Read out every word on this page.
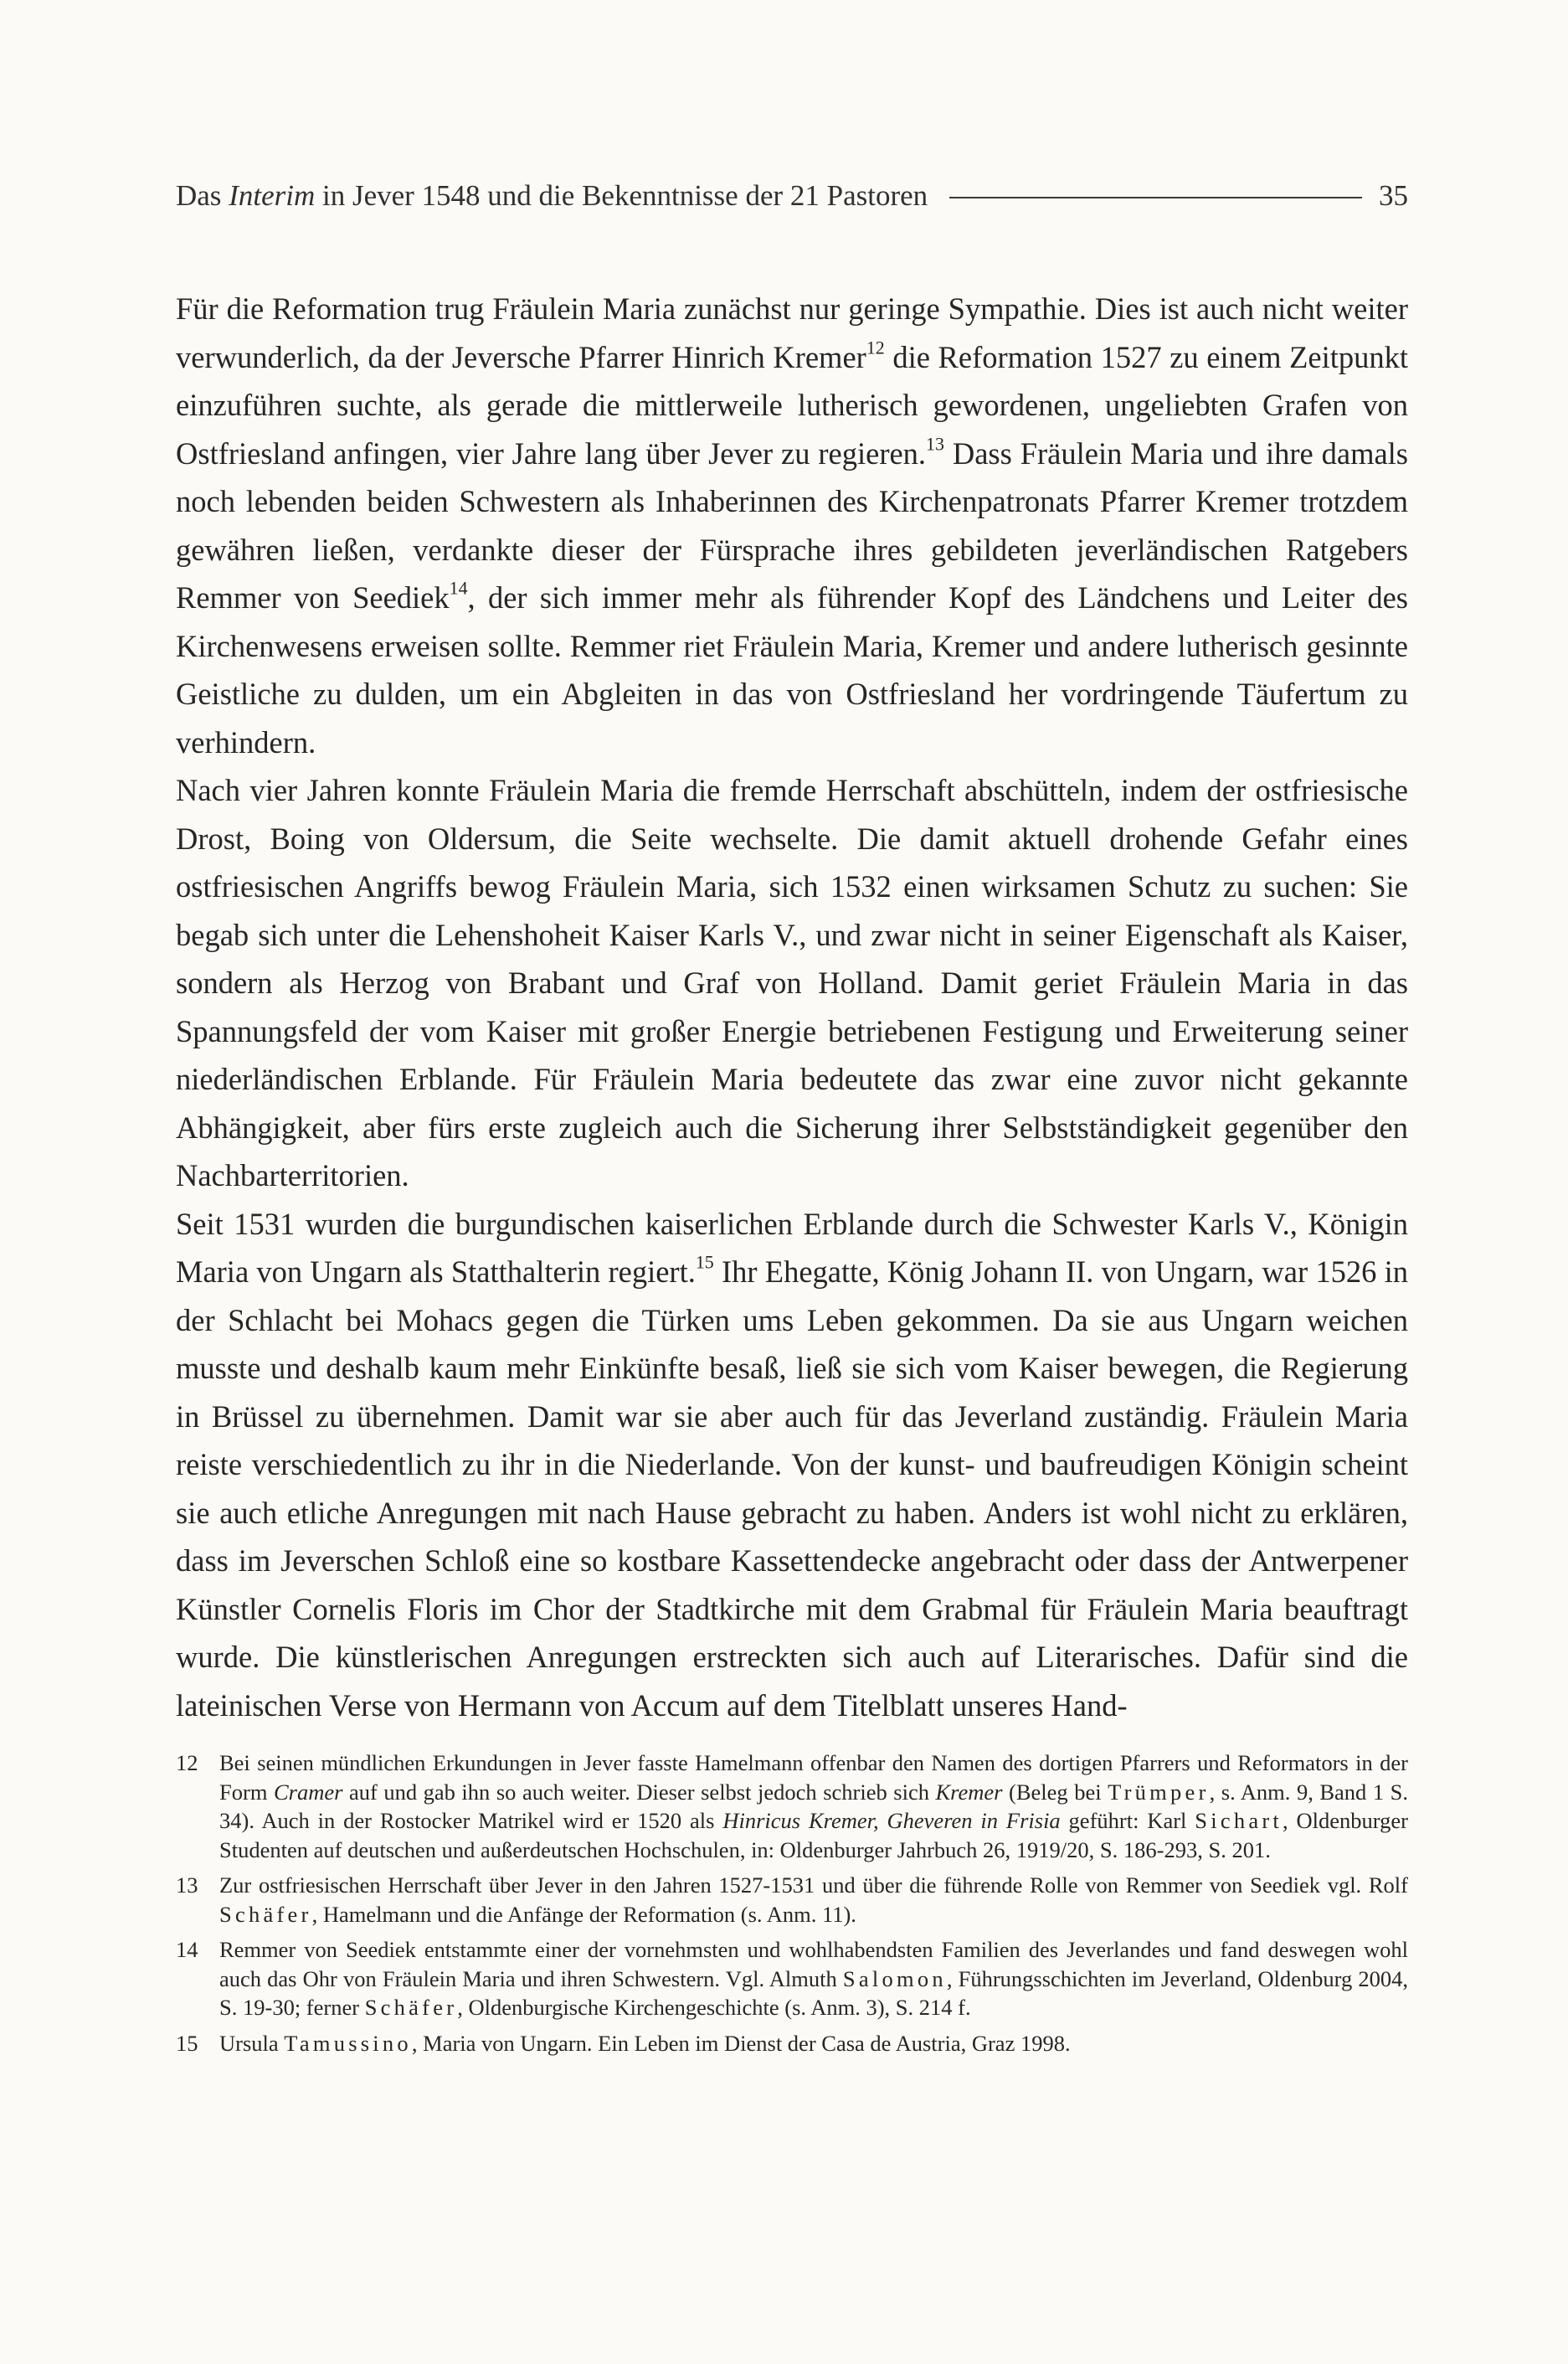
Das Interim in Jever 1548 und die Bekenntnisse der 21 Pastoren	35

Für die Reformation trug Fräulein Maria zunächst nur geringe Sympathie. Dies ist auch nicht weiter verwunderlich, da der Jeversche Pfarrer Hinrich Kremer$^{12}$ die Reformation 1527 zu einem Zeitpunkt einzuführen suchte, als gerade die mittlerweile lutherisch gewordenen, ungeliebten Grafen von Ostfriesland anfingen, vier Jahre lang über Jever zu regieren.$^{13}$ Dass Fräulein Maria und ihre damals noch lebenden beiden Schwestern als Inhaberinnen des Kirchenpatronats Pfarrer Kremer trotzdem gewähren ließen, verdankte dieser der Fürsprache ihres gebildeten jeverländischen Ratgebers Remmer von Seediek$^{14}$, der sich immer mehr als führender Kopf des Ländchens und Leiter des Kirchenwesens erweisen sollte. Remmer riet Fräulein Maria, Kremer und andere lutherisch gesinnte Geistliche zu dulden, um ein Abgleiten in das von Ostfriesland her vordringende Täufertum zu verhindern.

Nach vier Jahren konnte Fräulein Maria die fremde Herrschaft abschütteln, indem der ostfriesische Drost, Boing von Oldersum, die Seite wechselte. Die damit aktuell drohende Gefahr eines ostfriesischen Angriffs bewog Fräulein Maria, sich 1532 einen wirksamen Schutz zu suchen: Sie begab sich unter die Lehenshoheit Kaiser Karls V., und zwar nicht in seiner Eigenschaft als Kaiser, sondern als Herzog von Brabant und Graf von Holland. Damit geriet Fräulein Maria in das Spannungsfeld der vom Kaiser mit großer Energie betriebenen Festigung und Erweiterung seiner niederländischen Erblande. Für Fräulein Maria bedeutete das zwar eine zuvor nicht gekannte Abhängigkeit, aber fürs erste zugleich auch die Sicherung ihrer Selbstständigkeit gegenüber den Nachbarterritorien.

Seit 1531 wurden die burgundischen kaiserlichen Erblande durch die Schwester Karls V., Königin Maria von Ungarn als Statthalterin regiert.$^{15}$ Ihr Ehegatte, König Johann II. von Ungarn, war 1526 in der Schlacht bei Mohacs gegen die Türken ums Leben gekommen. Da sie aus Ungarn weichen musste und deshalb kaum mehr Einkünfte besaß, ließ sie sich vom Kaiser bewegen, die Regierung in Brüssel zu übernehmen. Damit war sie aber auch für das Jeverland zuständig. Fräulein Maria reiste verschiedentlich zu ihr in die Niederlande. Von der kunst- und baufreudigen Königin scheint sie auch etliche Anregungen mit nach Hause gebracht zu haben. Anders ist wohl nicht zu erklären, dass im Jeverschen Schloß eine so kostbare Kassettendecke angebracht oder dass der Antwerpener Künstler Cornelis Floris im Chor der Stadtkirche mit dem Grabmal für Fräulein Maria beauftragt wurde. Die künstlerischen Anregungen erstreckten sich auch auf Literarisches. Dafür sind die lateinischen Verse von Hermann von Accum auf dem Titelblatt unseres Hand-

12 Bei seinen mündlichen Erkundungen in Jever fasste Hamelmann offenbar den Namen des dortigen Pfarrers und Reformators in der Form Cramer auf und gab ihn so auch weiter. Dieser selbst jedoch schrieb sich Kremer (Beleg bei Trümper, s. Anm. 9, Band 1 S. 34). Auch in der Rostocker Matrikel wird er 1520 als Hinricus Kremer, Gheveren in Frisia geführt: Karl Sichart, Oldenburger Studenten auf deutschen und außerdeutschen Hochschulen, in: Oldenburger Jahrbuch 26, 1919/20, S. 186-293, S. 201.
13 Zur ostfriesischen Herrschaft über Jever in den Jahren 1527-1531 und über die führende Rolle von Remmer von Seediek vgl. Rolf Schäfer, Hamelmann und die Anfänge der Reformation (s. Anm. 11).
14 Remmer von Seediek entstammte einer der vornehmsten und wohlhabendsten Familien des Jeverlandes und fand deswegen wohl auch das Ohr von Fräulein Maria und ihren Schwestern. Vgl. Almuth Salomon, Führungsschichten im Jeverland, Oldenburg 2004, S. 19-30; ferner Schäfer, Oldenburgische Kirchengeschichte (s. Anm. 3), S. 214 f.
15 Ursula Tamussino, Maria von Ungarn. Ein Leben im Dienst der Casa de Austria, Graz 1998.
